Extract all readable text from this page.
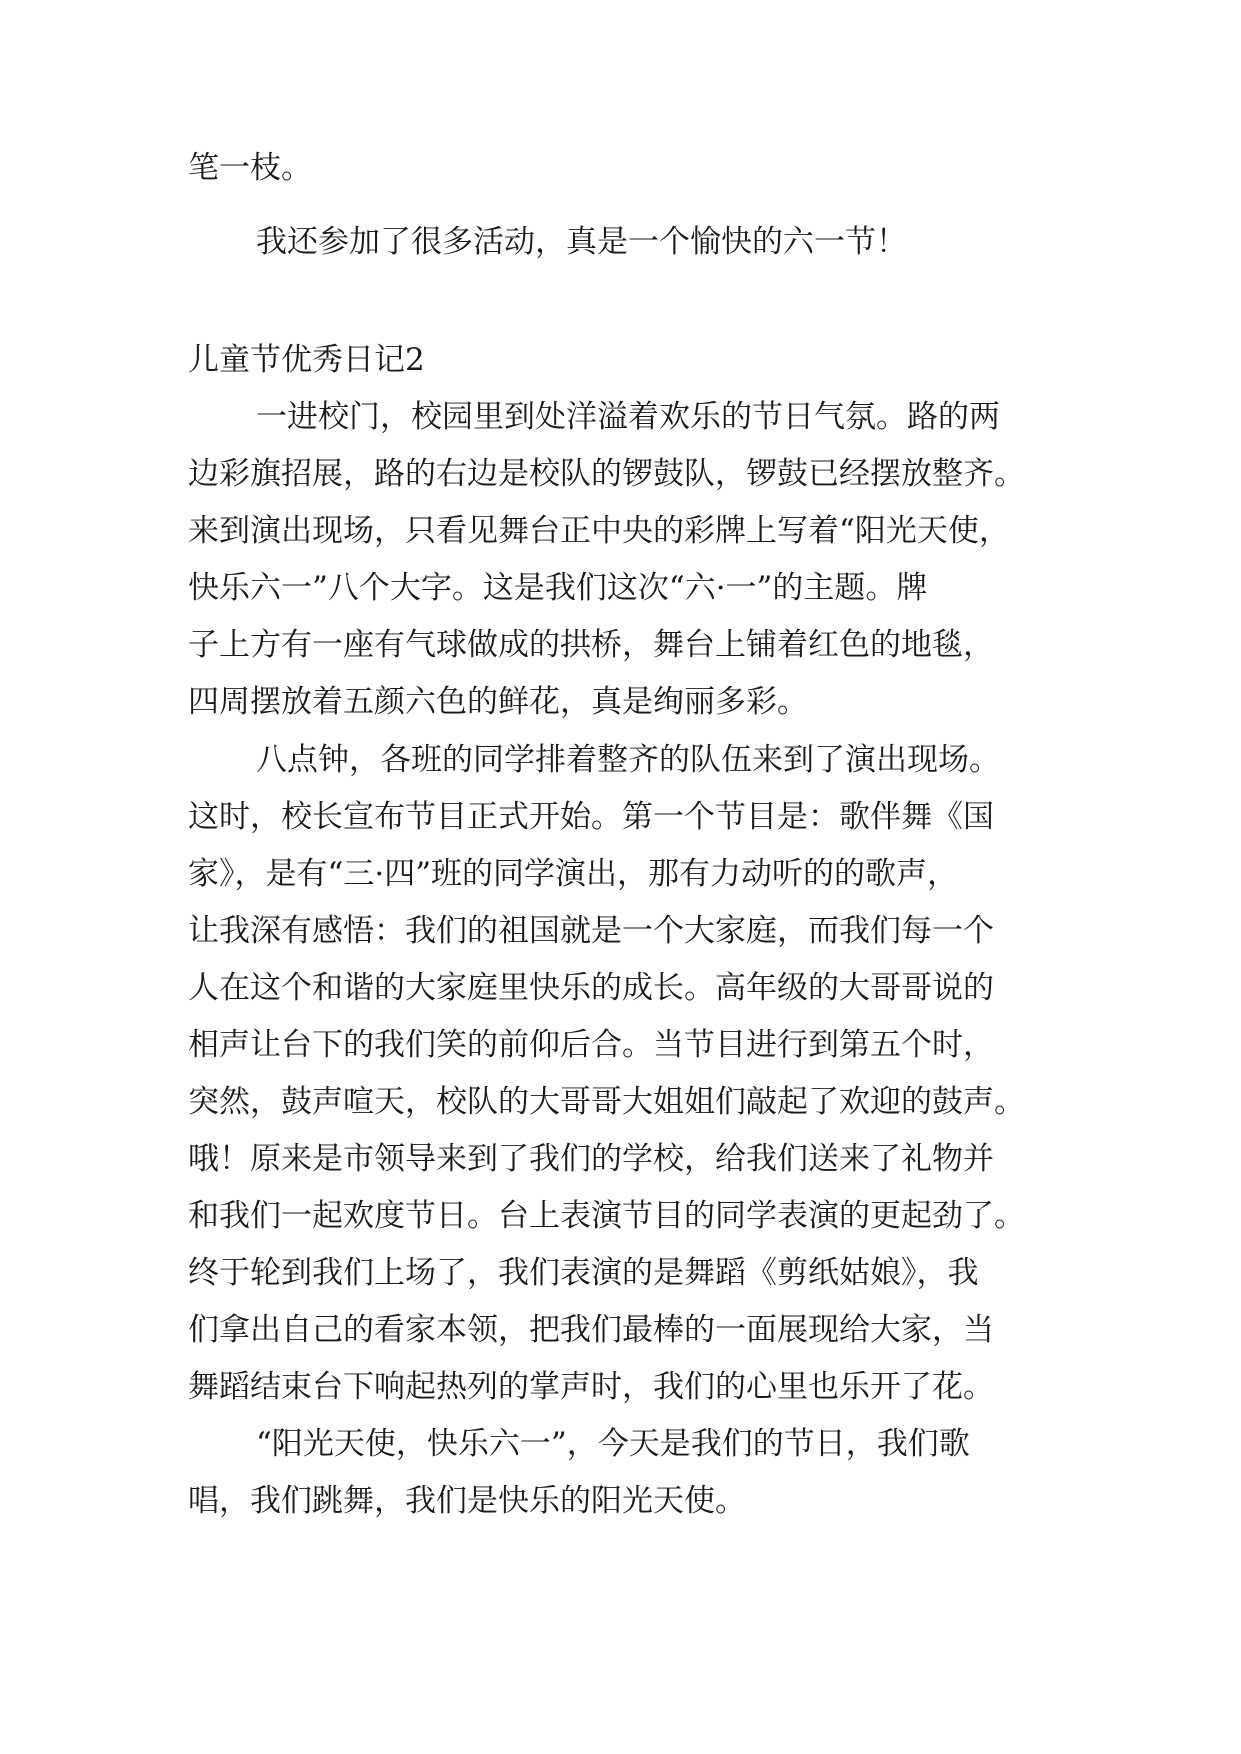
笔一枝。
我还参加了很多活动，真是一个愉快的六一节！
儿童节优秀日记2
一进校门，校园里到处洋溢着欢乐的节日气氛。路的两
边彩旗招展，路的右边是校队的锣鼓队，锣鼓已经摆放整齐。
来到演出现场，只看见舞台正中央的彩牌上写着“阳光天使，
快乐六一”八个大字。这是我们这次“六·一”的主题。牌
子上方有一座有气球做成的拱桥，舞台上铺着红色的地毯，
四周摆放着五颜六色的鲜花，真是绚丽多彩。
八点钟，各班的同学排着整齐的队伍来到了演出现场。
这时，校长宣布节目正式开始。第一个节目是：歌伴舞《国
家》，是有“三·四”班的同学演出，那有力动听的的歌声，
让我深有感悟：我们的祖国就是一个大家庭，而我们每一个
人在这个和谐的大家庭里快乐的成长。高年级的大哥哥说的
相声让台下的我们笑的前仰后合。当节目进行到第五个时，
突然，鼓声喧天，校队的大哥哥大姐姐们敲起了欢迎的鼓声。
哦！原来是市领导来到了我们的学校，给我们送来了礼物并
和我们一起欢度节日。台上表演节目的同学表演的更起劲了。
终于轮到我们上场了，我们表演的是舞蹈《剪纸姑娘》，我
们拿出自己的看家本领，把我们最棒的一面展现给大家，当
舞蹈结束台下响起热列的掌声时，我们的心里也乐开了花。
“阳光天使，快乐六一”，今天是我们的节日，我们歌
唱，我们跳舞，我们是快乐的阳光天使。
